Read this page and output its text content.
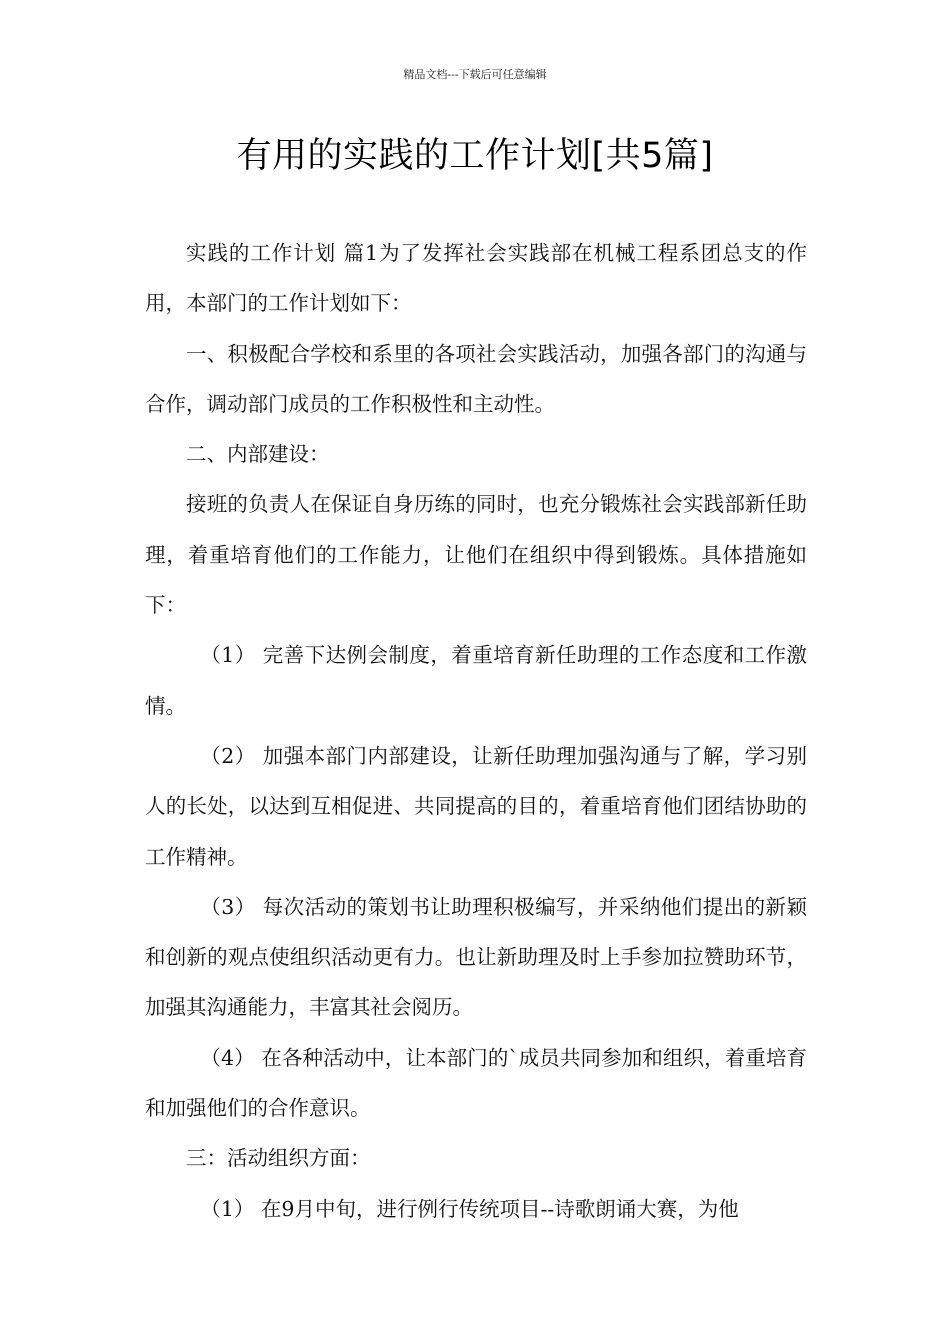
精品文档---下载后可任意编辑
有用的实践的工作计划[共5篇]

实践的工作计划 篇1为了发挥社会实践部在机械工程系团总支的作用，本部门的工作计划如下：

一、积极配合学校和系里的各项社会实践活动，加强各部门的沟通与合作，调动部门成员的工作积极性和主动性。

二、内部建设：

接班的负责人在保证自身历练的同时，也充分锻炼社会实践部新任助理，着重培育他们的工作能力，让他们在组织中得到锻炼。具体措施如下：

（1） 完善下达例会制度，着重培育新任助理的工作态度和工作激情。

（2） 加强本部门内部建设，让新任助理加强沟通与了解，学习别人的长处，以达到互相促进、共同提高的目的，着重培育他们团结协助的工作精神。

（3） 每次活动的策划书让助理积极编写，并采纳他们提出的新颖和创新的观点使组织活动更有力。也让新助理及时上手参加拉赞助环节，加强其沟通能力，丰富其社会阅历。

（4） 在各种活动中，让本部门的`成员共同参加和组织，着重培育和加强他们的合作意识。

三：活动组织方面：

（1） 在9月中旬，进行例行传统项目--诗歌朗诵大赛，为他
